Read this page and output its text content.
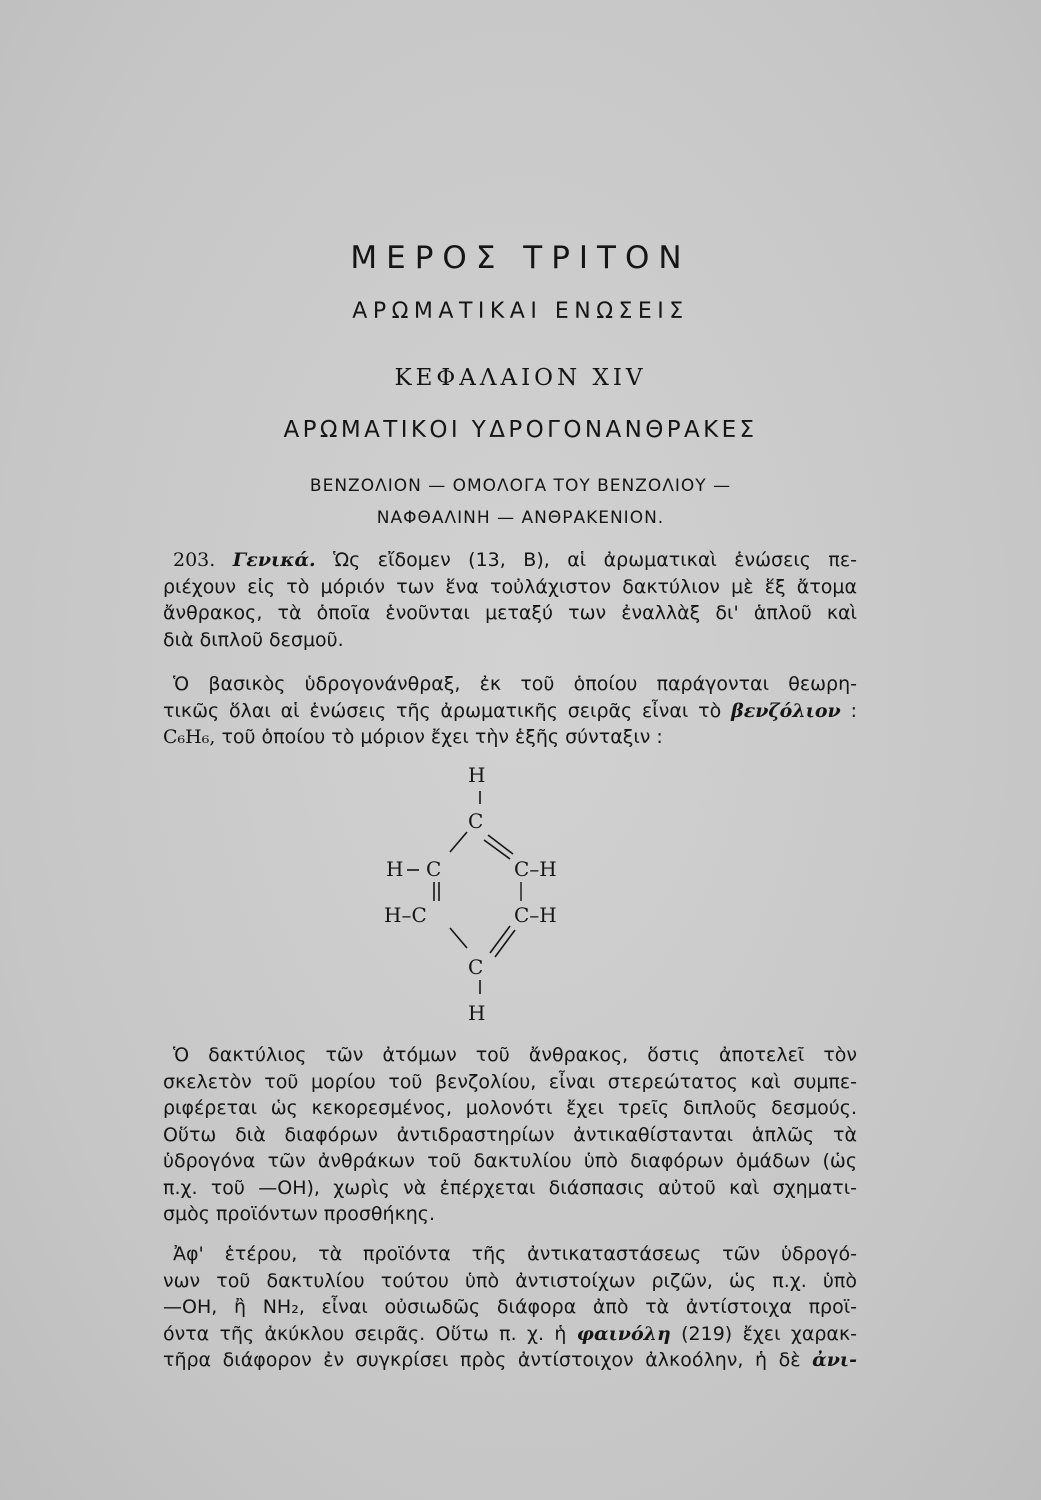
ΜΕΡΟΣ ΤΡΙΤΟΝ
ΑΡΩΜΑΤΙΚΑΙ ΕΝΩΣΕΙΣ
ΚΕΦΑΛΑΙΟΝ XIV
ΑΡΩΜΑΤΙΚΟΙ ΥΔΡΟΓΟΝΑΝΘΡΑΚΕΣ
ΒΕΝΖΟΛΙΟΝ — ΟΜΟΛΟΓΑ ΤΟΥ ΒΕΝΖΟΛΙΟΥ —
ΝΑΦΘΑΛΙΝΗ — ΑΝΘΡΑΚΕΝΙΟΝ.
203. Γενικά. Ὡς εἴδομεν (13, Β), αἱ ἀρωματικαὶ ἑνώσεις πε-
ριέχουν εἰς τὸ μόριόν των ἕνα τοὐλάχιστον δακτύλιον μὲ ἕξ ἄτομα
ἄνθρακος, τὰ ὁποῖα ἑνοῦνται μεταξύ των ἐναλλὰξ δι' ἁπλοῦ καὶ
διὰ διπλοῦ δεσμοῦ.
Ὁ βασικὸς ὑδρογονάνθραξ, ἐκ τοῦ ὁποίου παράγονται θεωρη-
τικῶς ὅλαι αἱ ἑνώσεις τῆς ἀρωματικῆς σειρᾶς εἶναι τὸ βενζόλιον :
C₆H₆, τοῦ ὁποίου τὸ μόριον ἔχει τὴν ἑξῆς σύνταξιν :
H
C
H C	C–H
H–C	C–H
C
H
Ὁ δακτύλιος τῶν ἀτόμων τοῦ ἄνθρακος, ὅστις ἀποτελεῖ τὸν
σκελετὸν τοῦ μορίου τοῦ βενζολίου, εἶναι στερεώτατος καὶ συμπε-
ριφέρεται ὡς κεκορεσμένος, μολονότι ἔχει τρεῖς διπλοῦς δεσμούς.
Οὕτω διὰ διαφόρων ἀντιδραστηρίων ἀντικαθίστανται ἁπλῶς τὰ
ὑδρογόνα τῶν ἀνθράκων τοῦ δακτυλίου ὑπὸ διαφόρων ὁμάδων (ὡς
π.χ. τοῦ —OH), χωρὶς νὰ ἐπέρχεται διάσπασις αὐτοῦ καὶ σχηματι-
σμὸς προϊόντων προσθήκης.
Ἀφ' ἑτέρου, τὰ προϊόντα τῆς ἀντικαταστάσεως τῶν ὑδρογό-
νων τοῦ δακτυλίου τούτου ὑπὸ ἀντιστοίχων ριζῶν, ὡς π.χ. ὑπὸ
—OH, ἢ NH₂, εἶναι οὐσιωδῶς διάφορα ἀπὸ τὰ ἀντίστοιχα προϊ-
όντα τῆς ἀκύκλου σειρᾶς. Οὕτω π. χ. ἡ φαινόλη (219) ἔχει χαρακ-
τῆρα διάφορον ἐν συγκρίσει πρὸς ἀντίστοιχον ἀλκοόλην, ἡ δὲ ἀνι-
